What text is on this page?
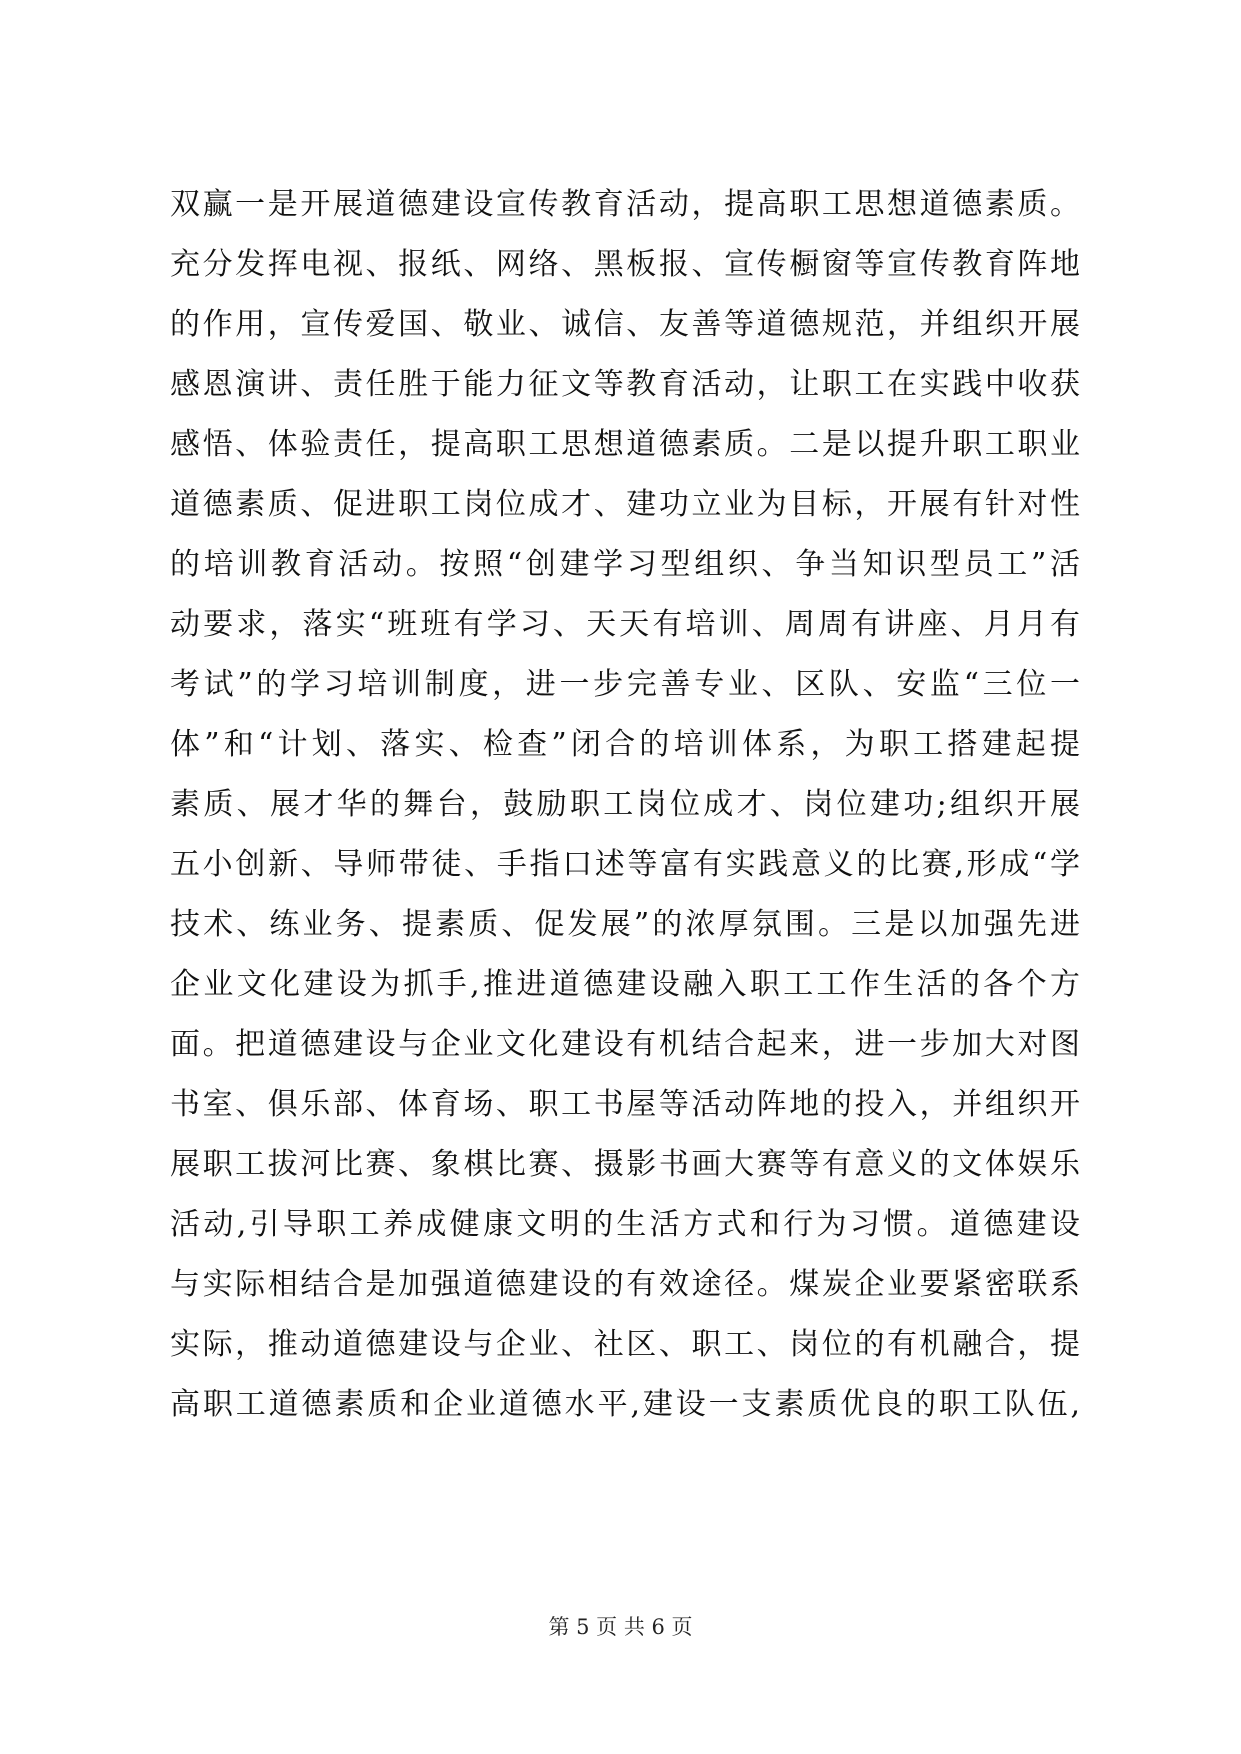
双赢一是开展道德建设宣传教育活动，提高职工思想道德素质。
充分发挥电视、报纸、网络、黑板报、宣传橱窗等宣传教育阵地
的作用，宣传爱国、敬业、诚信、友善等道德规范，并组织开展
感恩演讲、责任胜于能力征文等教育活动，让职工在实践中收获
感悟、体验责任，提高职工思想道德素质。二是以提升职工职业
道德素质、促进职工岗位成才、建功立业为目标，开展有针对性
的培训教育活动。按照“创建学习型组织、争当知识型员工”活
动要求，落实“班班有学习、天天有培训、周周有讲座、月月有
考试”的学习培训制度，进一步完善专业、区队、安监“三位一
体”和“计划、落实、检查”闭合的培训体系，为职工搭建起提
素质、展才华的舞台，鼓励职工岗位成才、岗位建功;组织开展
五小创新、导师带徒、手指口述等富有实践意义的比赛,形成“学
技术、练业务、提素质、促发展”的浓厚氛围。三是以加强先进
企业文化建设为抓手,推进道德建设融入职工工作生活的各个方
面。把道德建设与企业文化建设有机结合起来，进一步加大对图
书室、俱乐部、体育场、职工书屋等活动阵地的投入，并组织开
展职工拔河比赛、象棋比赛、摄影书画大赛等有意义的文体娱乐
活动,引导职工养成健康文明的生活方式和行为习惯。道德建设
与实际相结合是加强道德建设的有效途径。煤炭企业要紧密联系
实际，推动道德建设与企业、社区、职工、岗位的有机融合，提
高职工道德素质和企业道德水平,建设一支素质优良的职工队伍,
第 5 页 共 6 页
